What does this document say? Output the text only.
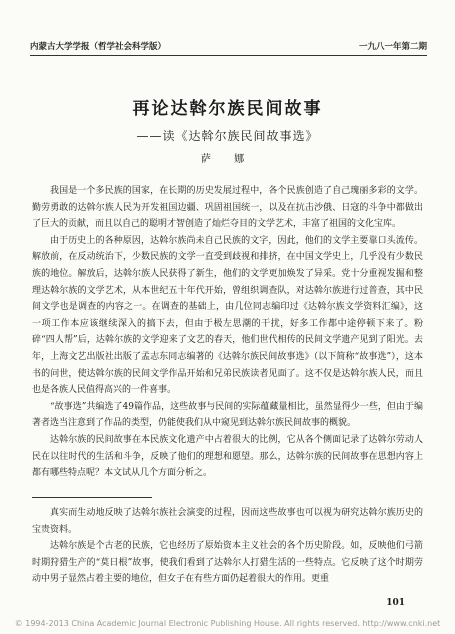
内蒙古大学学报（哲学社会科学版）	一九八一年第二期
再论达斡尔族民间故事
——读《达斡尔族民间故事选》
萨 娜

我国是一个多民族的国家，在长期的历史发展过程中，各个民族创造了自己瑰丽多彩的文学。勤劳勇敢的达斡尔族人民为开发祖国边疆、巩固祖国统一，以及在抗击沙俄、日寇的斗争中都做出了巨大的贡献，而且以自己的聪明才智创造了灿烂夺目的文学艺术，丰富了祖国的文化宝库。

由于历史上的各种原因，达斡尔族尚未自己民族的文字，因此，他们的文学主要靠口头流传。解放前，在反动统治下，少数民族的文学一直受到歧视和排挤，在中国文学史上，几乎没有少数民族的地位。解放后，达斡尔族人民获得了新生，他们的文学更加焕发了异采。党十分重视发掘和整理达斡尔族的文学艺术，从本世纪五十年代开始，曾组织调查队，对达斡尔族进行过普查，其中民间文学也是调查的内容之一。在调查的基础上，由几位同志编印过《达斡尔族文学资料汇编》，这一项工作本应该继续深入的搞下去，但由于极左思潮的干扰，好多工作都中途停顿下来了。粉碎“四人帮”后，达斡尔族的文学迎来了文艺的春天，他们世代相传的民间文学遗产见到了阳光。去年，上海文艺出版社出版了孟志东同志编著的《达斡尔族民间故事选》（以下简称“故事选”），这本书的问世，使达斡尔族的民间文学作品开始和兄弟民族读者见面了。这不仅是达斡尔族人民，而且也是各族人民值得高兴的一件喜事。

“故事选”共编选了49篇作品，这些故事与民间的实际蕴藏量相比，虽然显得少一些，但由于编著者选当注意到了作品的类型，仍能使我们从中窥见到达斡尔族民间故事的概貌。

达斡尔族的民间故事在本民族文化遗产中占着很大的比例，它从各个侧面记录了达斡尔劳动人民在以往时代的生活和斗争，反映了他们的理想和愿望。那么，达斡尔族的民间故事在思想内容上都有哪些特点呢？本文试从几个方面分析之。

真实而生动地反映了达斡尔族社会演变的过程，因而这些故事也可以视为研究达斡尔族历史的宝贵资料。

达斡尔族是个古老的民族，它也经历了原始资本主义社会的各个历史阶段。如，反映他们弓箭时期狩猎生产的“莫日根”故事，使我们看到了达斡尔人打猎生活的一些特点。它反映了这个时期劳动中男子显然占着主要的地位，但女子在有些方面仍起着很大的作用。更重

101
© 1994-2013 China Academic Journal Electronic Publishing House. All rights reserved. http://www.cnki.net
